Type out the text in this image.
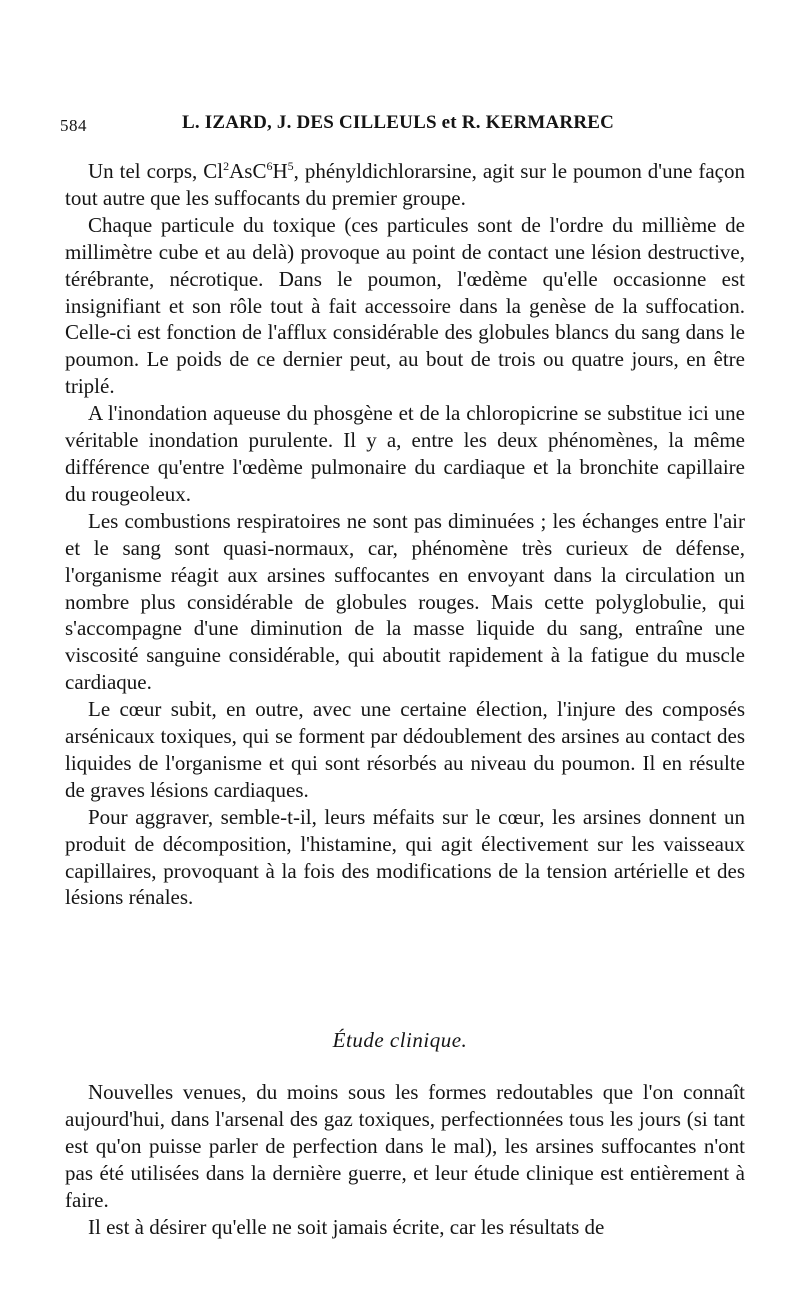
584	L. IZARD, J. DES CILLEULS et R. KERMARREC

Un tel corps, $Cl^2AsC^6H^5$, phényldichlorarsine, agit sur le poumon d'une façon tout autre que les suffocants du premier groupe.

Chaque particule du toxique (ces particules sont de l'ordre du millième de millimètre cube et au delà) provoque au point de contact une lésion destructive, térébrante, nécrotique. Dans le poumon, l'œdème qu'elle occasionne est insignifiant et son rôle tout à fait accessoire dans la genèse de la suffocation. Celle-ci est fonction de l'afflux considérable des globules blancs du sang dans le poumon. Le poids de ce dernier peut, au bout de trois ou quatre jours, en être triplé.

A l'inondation aqueuse du phosgène et de la chloropicrine se substitue ici une véritable inondation purulente. Il y a, entre les deux phénomènes, la même différence qu'entre l'œdème pulmonaire du cardiaque et la bronchite capillaire du rougeoleux.

Les combustions respiratoires ne sont pas diminuées ; les échanges entre l'air et le sang sont quasi-normaux, car, phénomène très curieux de défense, l'organisme réagit aux arsines suffocantes en envoyant dans la circulation un nombre plus considérable de globules rouges. Mais cette polyglobulie, qui s'accompagne d'une diminution de la masse liquide du sang, entraîne une viscosité sanguine considérable, qui aboutit rapidement à la fatigue du muscle cardiaque.

Le cœur subit, en outre, avec une certaine élection, l'injure des composés arsénicaux toxiques, qui se forment par dédoublement des arsines au contact des liquides de l'organisme et qui sont résorbés au niveau du poumon. Il en résulte de graves lésions cardiaques.

Pour aggraver, semble-t-il, leurs méfaits sur le cœur, les arsines donnent un produit de décomposition, l'histamine, qui agit électivement sur les vaisseaux capillaires, provoquant à la fois des modifications de la tension artérielle et des lésions rénales.

Étude clinique.

Nouvelles venues, du moins sous les formes redoutables que l'on connaît aujourd'hui, dans l'arsenal des gaz toxiques, perfectionnées tous les jours (si tant est qu'on puisse parler de perfection dans le mal), les arsines suffocantes n'ont pas été utilisées dans la dernière guerre, et leur étude clinique est entièrement à faire.

Il est à désirer qu'elle ne soit jamais écrite, car les résultats de
